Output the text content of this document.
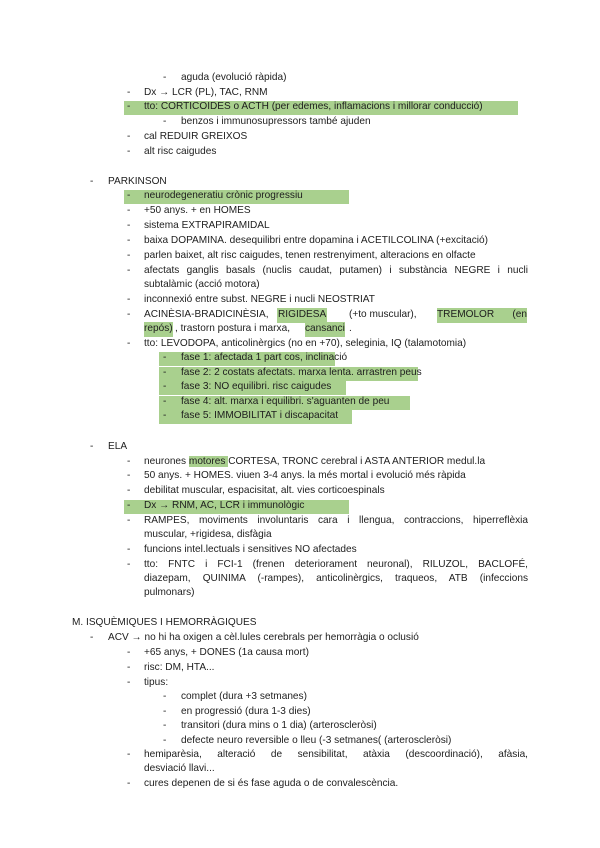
- aguda (evolució ràpida)
- Dx → LCR (PL), TAC, RNM
- tto: CORTICOIDES o ACTH (per edemes, inflamacions i millorar conducció)
- benzos i immunosupressors també ajuden
- cal REDUIR GREIXOS
- alt risc caigudes
- PARKINSON
- neurodegeneratiu crònic progressiu
- +50 anys. + en HOMES
- sistema EXTRAPIRAMIDAL
- baixa DOPAMINA. desequilibri entre dopamina i ACETILCOLINA (+excitació)
- parlen baixet, alt risc caigudes, tenen restrenyiment, alteracions en olfacte
- afectats ganglis basals (nuclis caudat, putamen) i substància NEGRE i nucli
subtalàmic (acció motora)
- inconnexió entre subst. NEGRE i nucli NEOSTRIAT
- ACINÈSIA-BRADICINÈSIA, RIGIDESA (+to muscular), TREMOLOR (en
repós) , trastorn postura i marxa, cansanci .
- tto: LEVODOPA, anticolinèrgics (no en +70), seleginia, IQ (talamotomia)
- fase 1: afectada 1 part cos, inclinació
- fase 2: 2 costats afectats. marxa lenta. arrastren peus
- fase 3: NO equilibri. risc caigudes
- fase 4: alt. marxa i equilibri. s'aguanten de peu
- fase 5: IMMOBILITAT i discapacitat
- ELA
- neurones motores CORTESA, TRONC cerebral i ASTA ANTERIOR medul.la
- 50 anys. + HOMES. viuen 3-4 anys. la més mortal i evolució més ràpida
- debilitat muscular, espacisitat, alt. vies corticoespinals
- Dx → RNM, AC, LCR i immunològic
- RAMPES, moviments involuntaris cara i llengua, contraccions, hiperreflèxia
muscular, +rigidesa, disfàgia
- funcions intel.lectuals i sensitives NO afectades
- tto: FNTC i FCI-1 (frenen deteriorament neuronal), RILUZOL, BACLOFÉ,
diazepam, QUINIMA (-rampes), anticolinèrgics, traqueos, ATB (infeccions
pulmonars)
M. ISQUÈMIQUES I HEMORRÀGIQUES
- ACV → no hi ha oxigen a cèl.lules cerebrals per hemorràgia o oclusió
- +65 anys, + DONES (1a causa mort)
- risc: DM, HTA...
- tipus:
- complet (dura +3 setmanes)
- en progressió (dura 1-3 dies)
- transitori (dura mins o 1 dia) (arteroscleròsi)
- defecte neuro reversible o lleu (-3 setmanes( (arteroscleròsi)
- hemiparèsia, alteració de sensibilitat, atàxia (descoordinació), afàsia,
desviació llavi...
- cures depenen de si és fase aguda o de convalescència.
